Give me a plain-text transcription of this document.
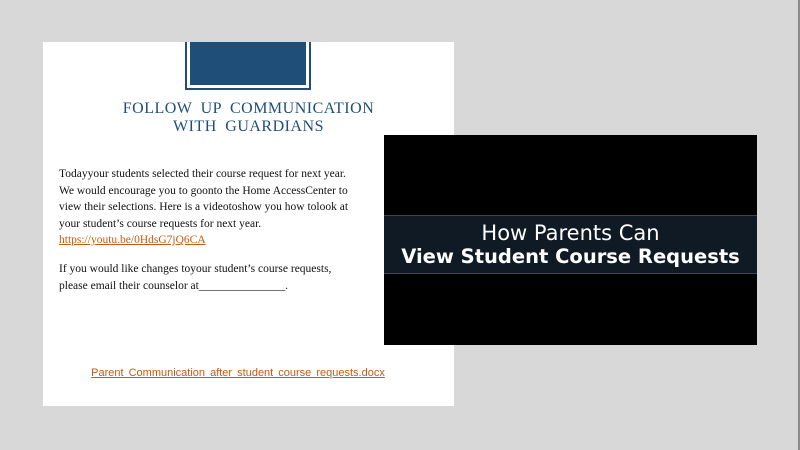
FOLLOW UP COMMUNICATION
WITH GUARDIANS
Todayyour students selected their course request for next year. We would encourage you to goonto the Home AccessCenter to view their selections. Here is a videotoshow you how tolook at your student’s course requests for next year. https://youtu.be/0HdsG7jQ6CA
If you would like changes toyour student’s course requests, please email their counselor at_______________.
Parent Communication after student course requests.docx
How Parents Can
View Student Course Requests
